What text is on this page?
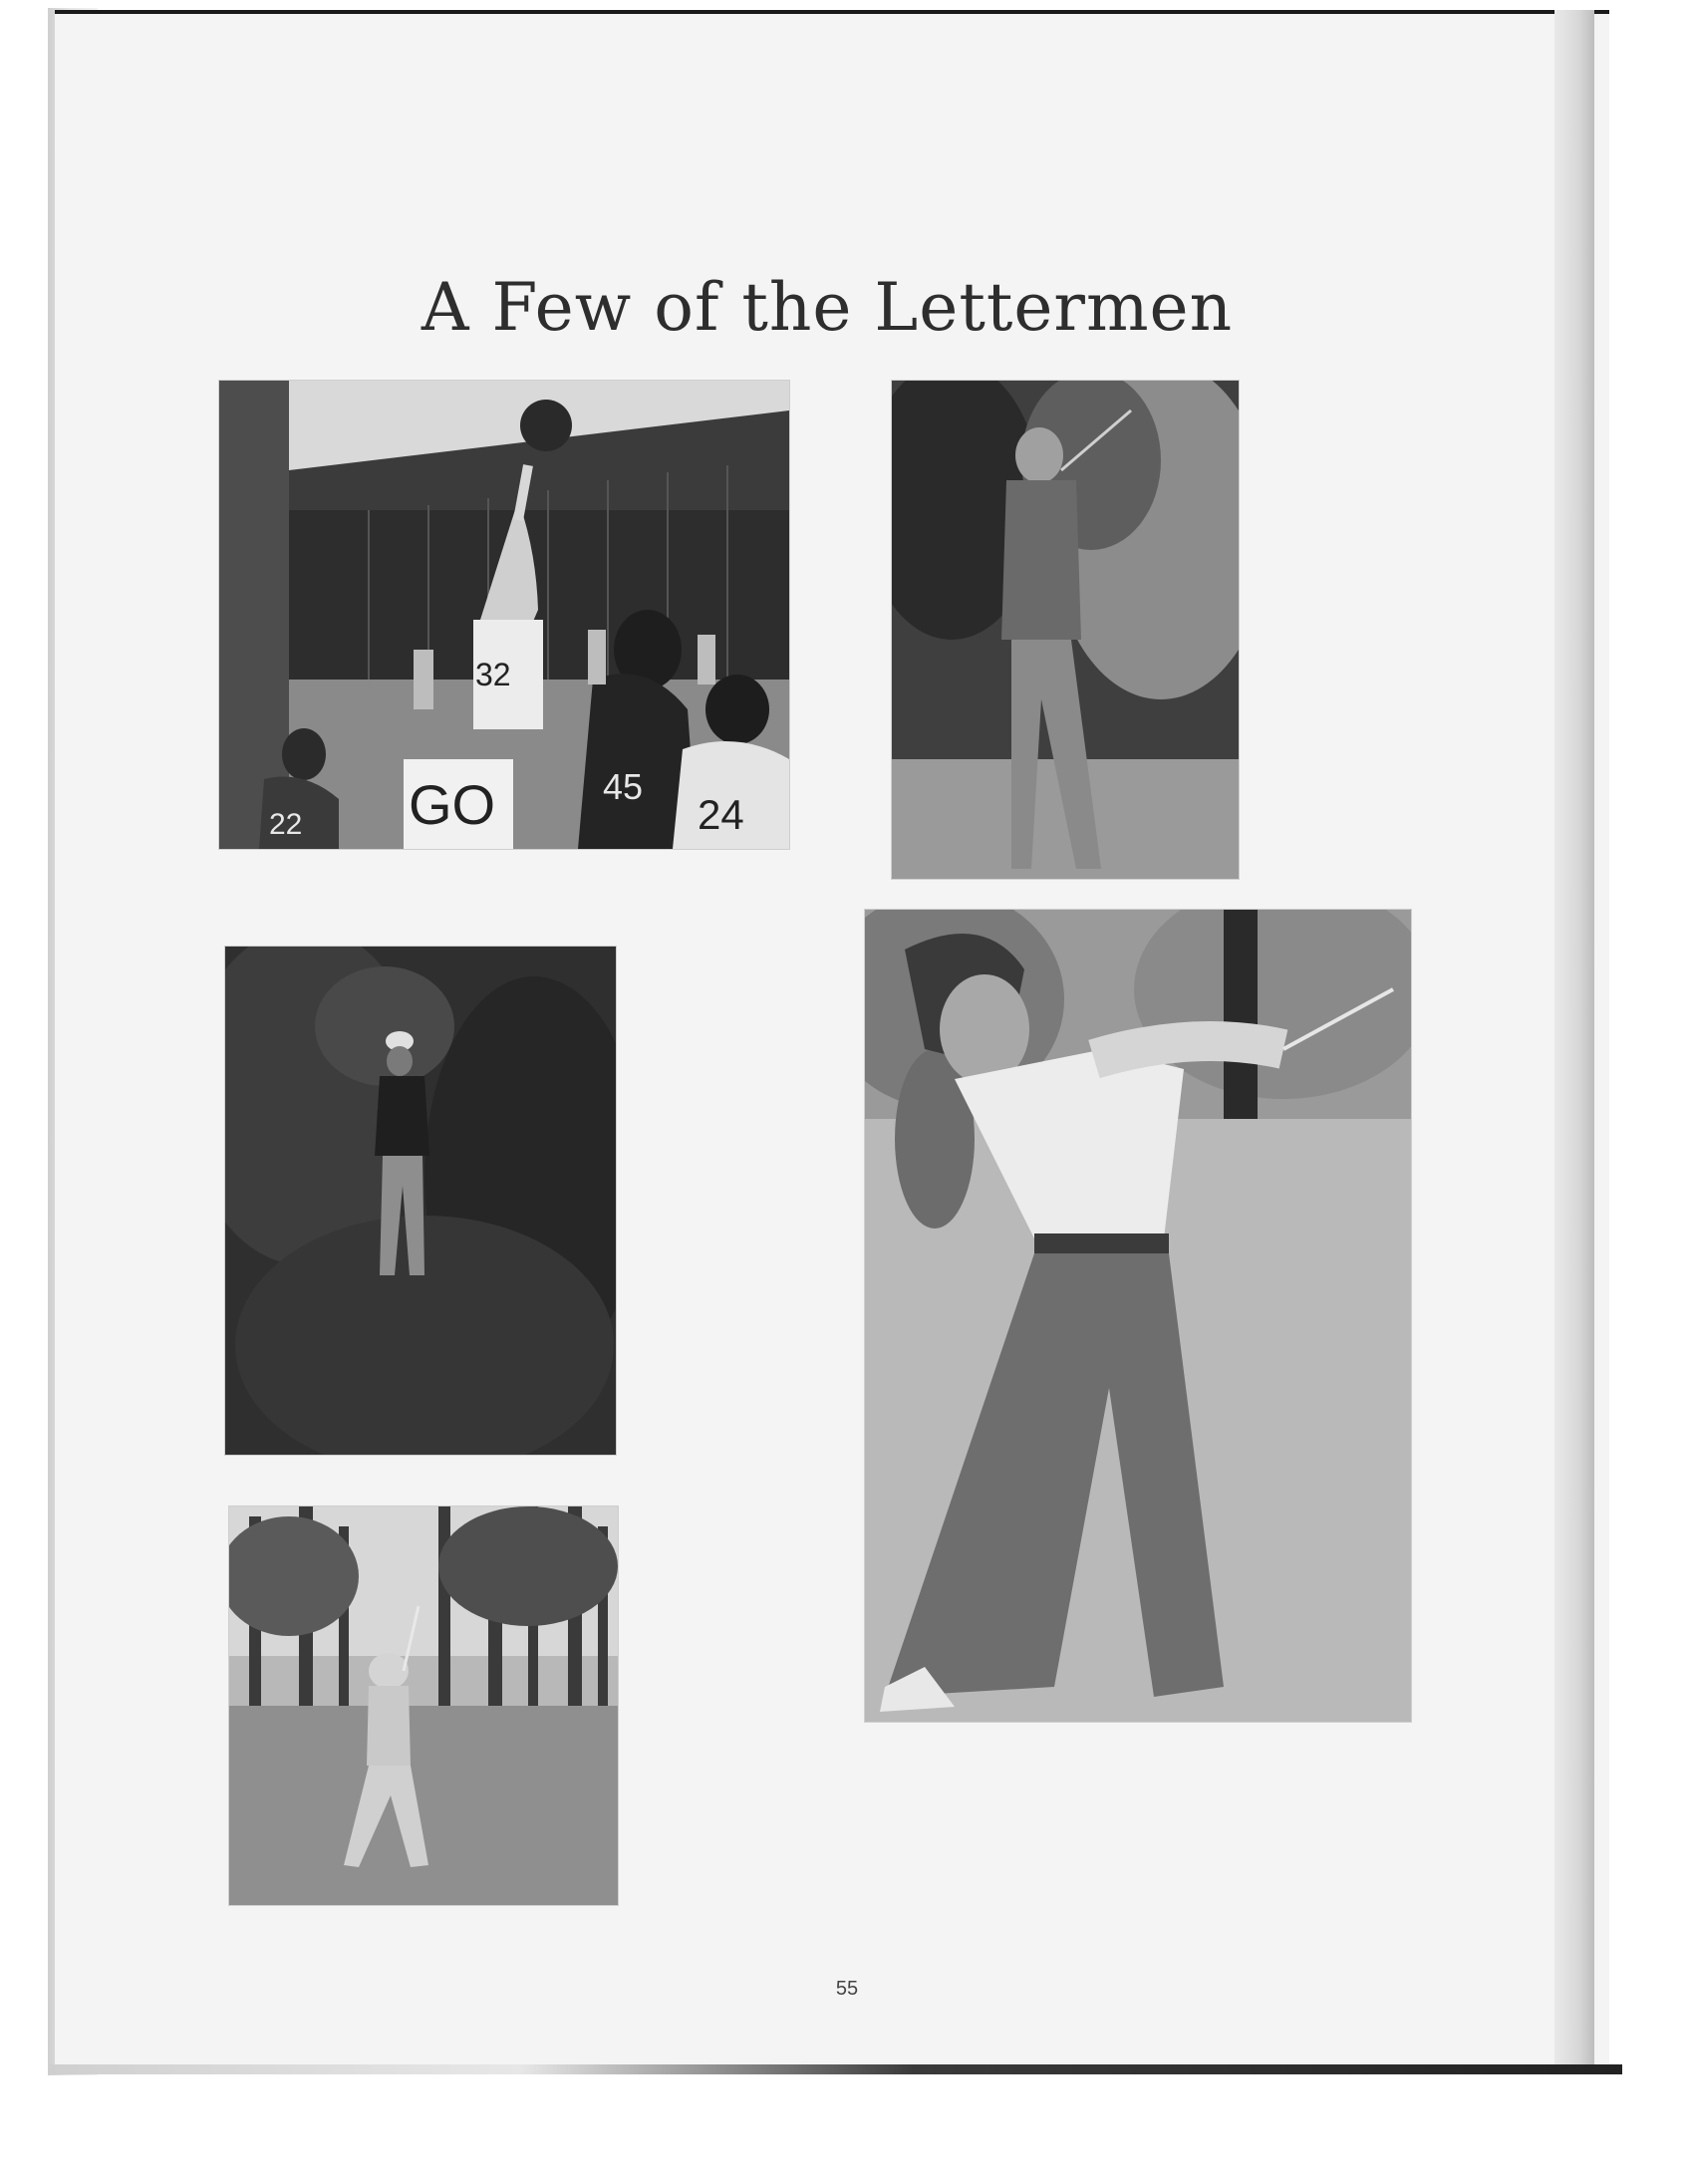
A Few of the Lettermen
32
GO	45
24
22
55
